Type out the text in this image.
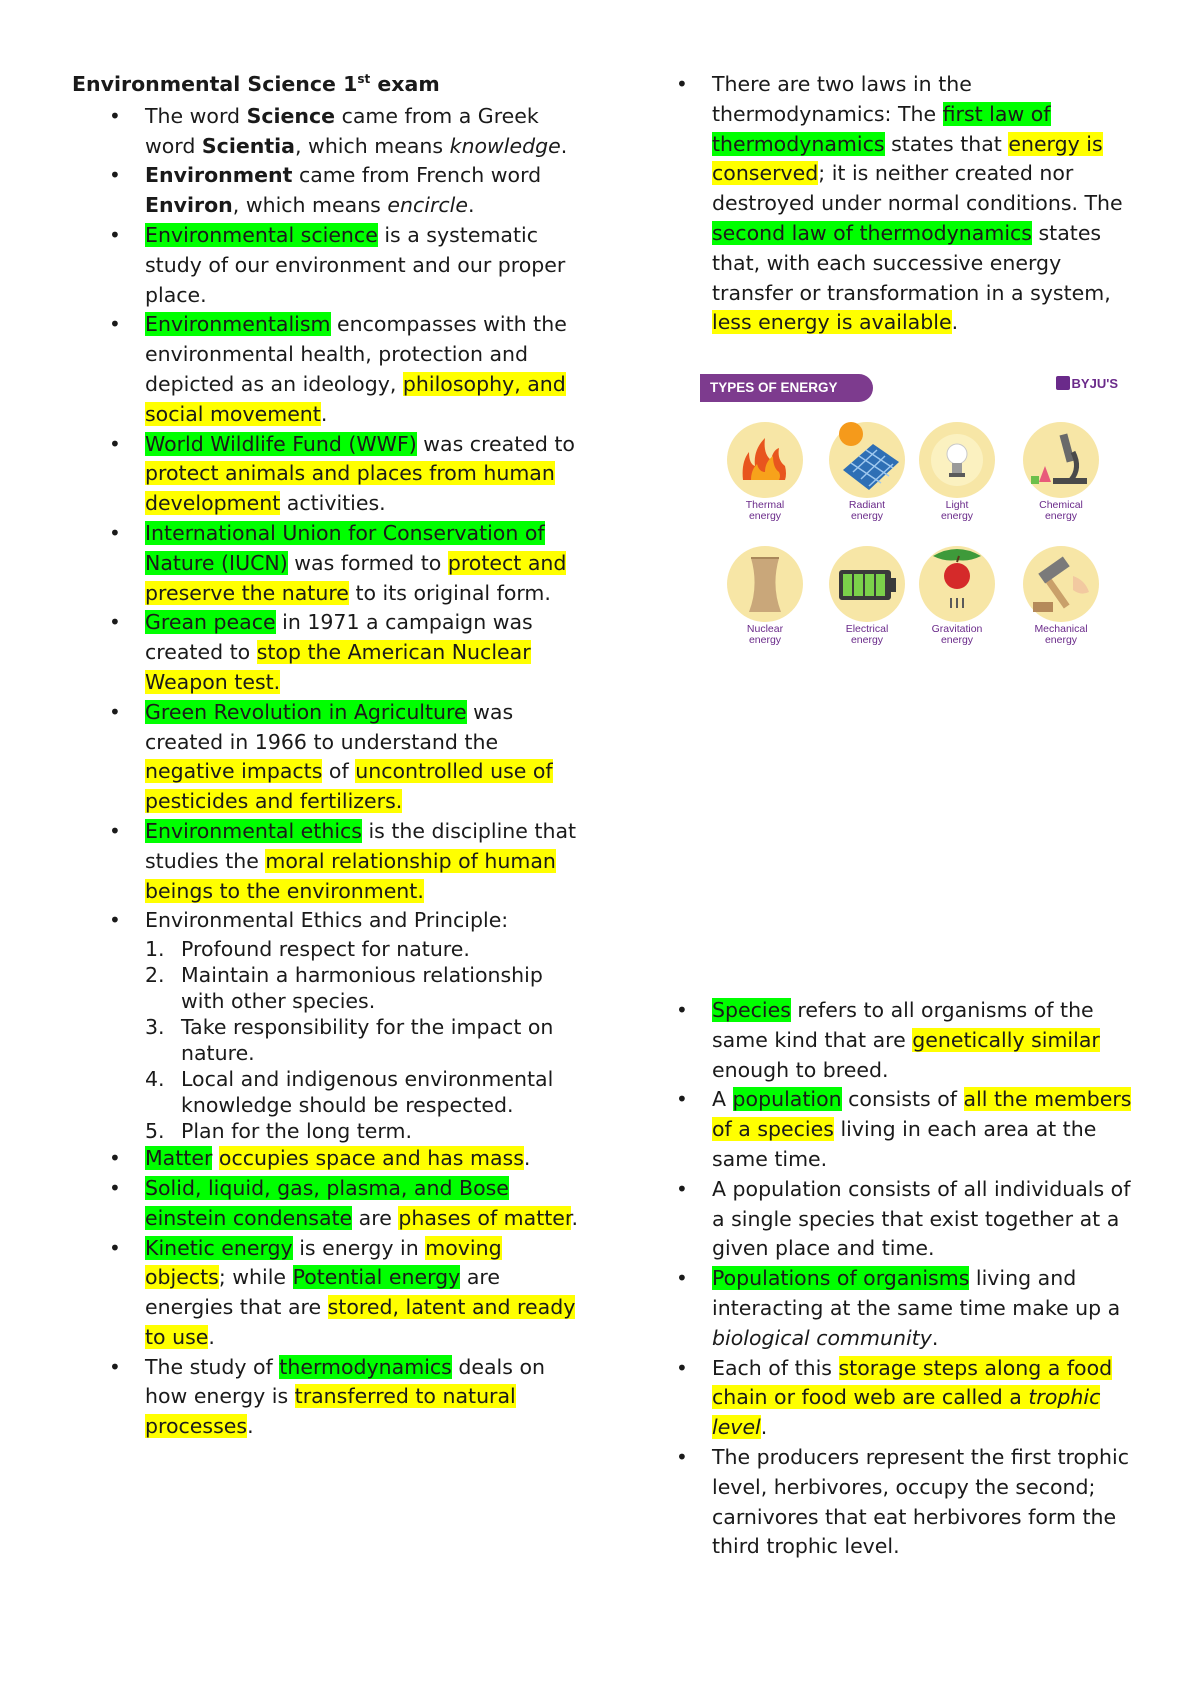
Environmental Science 1st exam
• The word Science came from a Greek word Scientia, which means knowledge.
• Environment came from French word Environ, which means encircle.
• Environmental science is a systematic study of our environment and our proper place.
• Environmentalism encompasses with the environmental health, protection and depicted as an ideology, philosophy, and social movement.
• World Wildlife Fund (WWF) was created to protect animals and places from human development activities.
• International Union for Conservation of Nature (IUCN) was formed to protect and preserve the nature to its original form.
• Grean peace in 1971 a campaign was created to stop the American Nuclear Weapon test.
• Green Revolution in Agriculture was created in 1966 to understand the negative impacts of uncontrolled use of pesticides and fertilizers.
• Environmental ethics is the discipline that studies the moral relationship of human beings to the environment.
• Environmental Ethics and Principle:
1. Profound respect for nature.
2. Maintain a harmonious relationship with other species.
3. Take responsibility for the impact on nature.
4. Local and indigenous environmental knowledge should be respected.
5. Plan for the long term.
• Matter occupies space and has mass.
• Solid, liquid, gas, plasma, and Bose einstein condensate are phases of matter.
• Kinetic energy is energy in moving objects; while Potential energy are energies that are stored, latent and ready to use.
• The study of thermodynamics deals on how energy is transferred to natural processes.
• There are two laws in the thermodynamics: The first law of thermodynamics states that energy is conserved; it is neither created nor destroyed under normal conditions. The second law of thermodynamics states that, with each successive energy transfer or transformation in a system, less energy is available.
TYPES OF ENERGY	BYJU'S
Thermal
energy
Radiant
energy
Light
energy
Chemical
energy
Nuclear
energy
Electrical
energy
Gravitation
energy
Mechanical
energy
• Species refers to all organisms of the same kind that are genetically similar enough to breed.
• A population consists of all the members of a species living in each area at the same time.
• A population consists of all individuals of a single species that exist together at a given place and time.
• Populations of organisms living and interacting at the same time make up a biological community.
• Each of this storage steps along a food chain or food web are called a trophic level.
• The producers represent the first trophic level, herbivores, occupy the second; carnivores that eat herbivores form the third trophic level.
